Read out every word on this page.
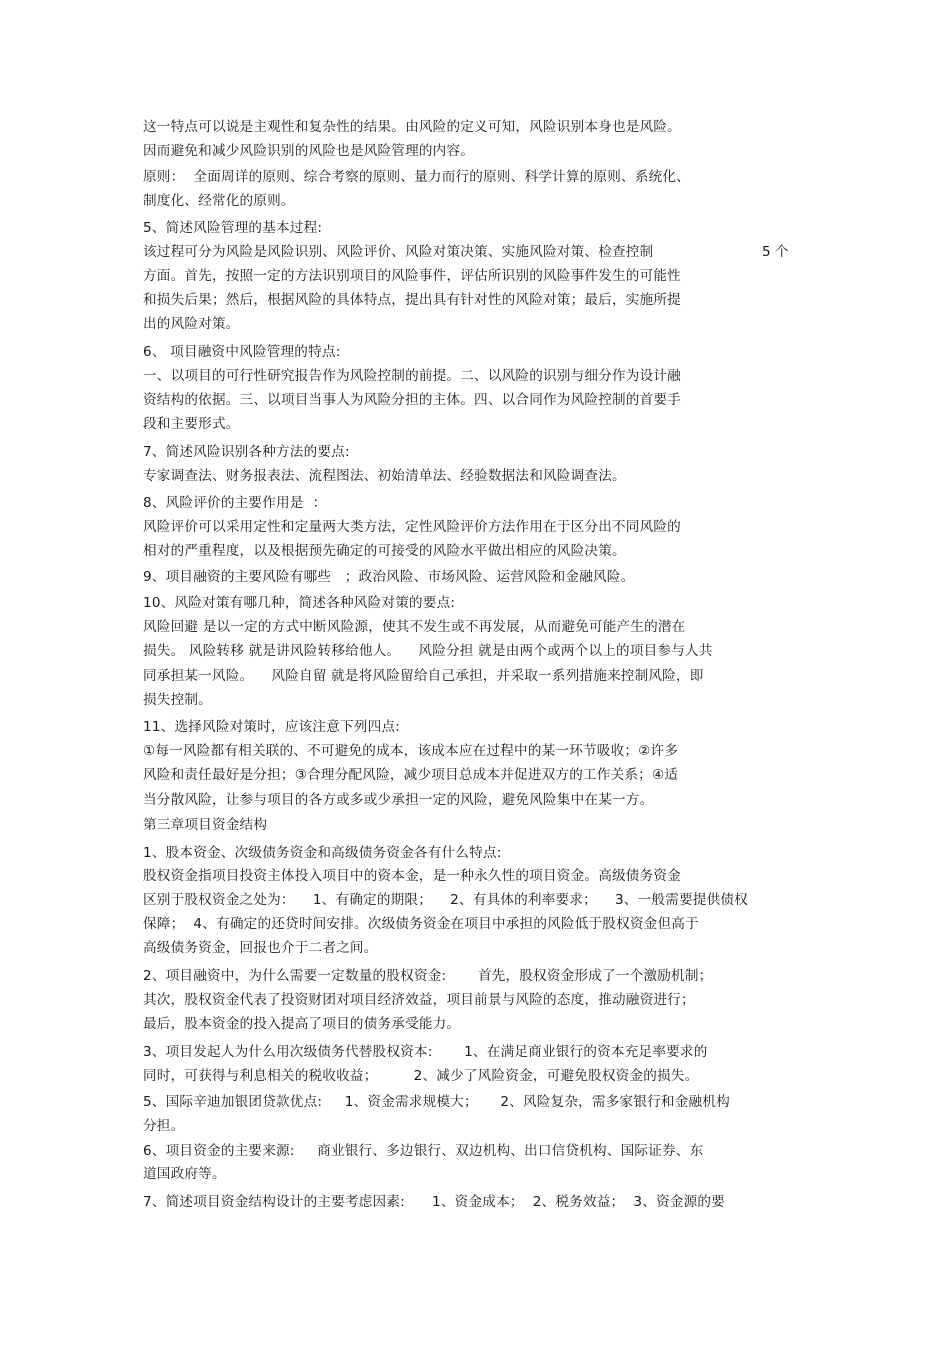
这一特点可以说是主观性和复杂性的结果。由风险的定义可知，风险识别本身也是风险。
因而避免和减少风险识别的风险也是风险管理的内容。
原则：  全面周详的原则、综合考察的原则、量力而行的原则、科学计算的原则、系统化、
制度化、经常化的原则。
5、简述风险管理的基本过程:
该过程可分为风险是风险识别、风险评价、风险对策决策、实施风险对策、检查控制	5 个
方面。首先，按照一定的方法识别项目的风险事件，评估所识别的风险事件发生的可能性
和损失后果；然后，根据风险的具体特点，提出具有针对性的风险对策；最后，实施所提
出的风险对策。
6、 项目融资中风险管理的特点:
一、以项目的可行性研究报告作为风险控制的前提。二、以风险的识别与细分作为设计融
资结构的依据。三、以项目当事人为风险分担的主体。四、以合同作为风险控制的首要手
段和主要形式。
7、简述风险识别各种方法的要点:
专家调查法、财务报表法、流程图法、初始清单法、经验数据法和风险调查法。
8、风险评价的主要作用是  ：
风险评价可以采用定性和定量两大类方法，定性风险评价方法作用在于区分出不同风险的
相对的严重程度，以及根据预先确定的可接受的风险水平做出相应的风险决策。
9、项目融资的主要风险有哪些   ；政治风险、市场风险、运营风险和金融风险。
10、风险对策有哪几种，简述各种风险对策的要点:
风险回避 是以一定的方式中断风险源，使其不发生或不再发展，从而避免可能产生的潜在
损失。 风险转移 就是讲风险转移给他人。    风险分担 就是由两个或两个以上的项目参与人共
同承担某一风险。    风险自留 就是将风险留给自己承担，并采取一系列措施来控制风险，即
损失控制。
11、选择风险对策时，应该注意下列四点:
①每一风险都有相关联的、不可避免的成本，该成本应在过程中的某一环节吸收；②许多
风险和责任最好是分担；③合理分配风险，减少项目总成本并促进双方的工作关系；④适
当分散风险，让参与项目的各方或多或少承担一定的风险，避免风险集中在某一方。
第三章项目资金结构
1、股本资金、次级债务资金和高级债务资金各有什么特点:
股权资金指项目投资主体投入项目中的资本金，是一种永久性的项目资金。高级债务资金
区别于股权资金之处为：    1、有确定的期限；    2、有具体的利率要求；    3、一般需要提供债权
保障；  4、有确定的还贷时间安排。次级债务资金在项目中承担的风险低于股权资金但高于
高级债务资金，回报也介于二者之间。
2、项目融资中，为什么需要一定数量的股权资金:       首先，股权资金形成了一个激励机制；
其次，股权资金代表了投资财团对项目经济效益，项目前景与风险的态度，推动融资进行；
最后，股本资金的投入提高了项目的债务承受能力。
3、项目发起人为什么用次级债务代替股权资本:       1、在满足商业银行的资本充足率要求的
同时，可获得与利息相关的税收收益；        2、减少了风险资金，可避免股权资金的损失。
5、国际辛迪加银团贷款优点:     1、资金需求规模大；     2、风险复杂，需多家银行和金融机构
分担。
6、项目资金的主要来源:     商业银行、多边银行、双边机构、出口信贷机构、国际证券、东
道国政府等。
7、简述项目资金结构设计的主要考虑因素:      1、资金成本；  2、税务效益；  3、资金源的要
